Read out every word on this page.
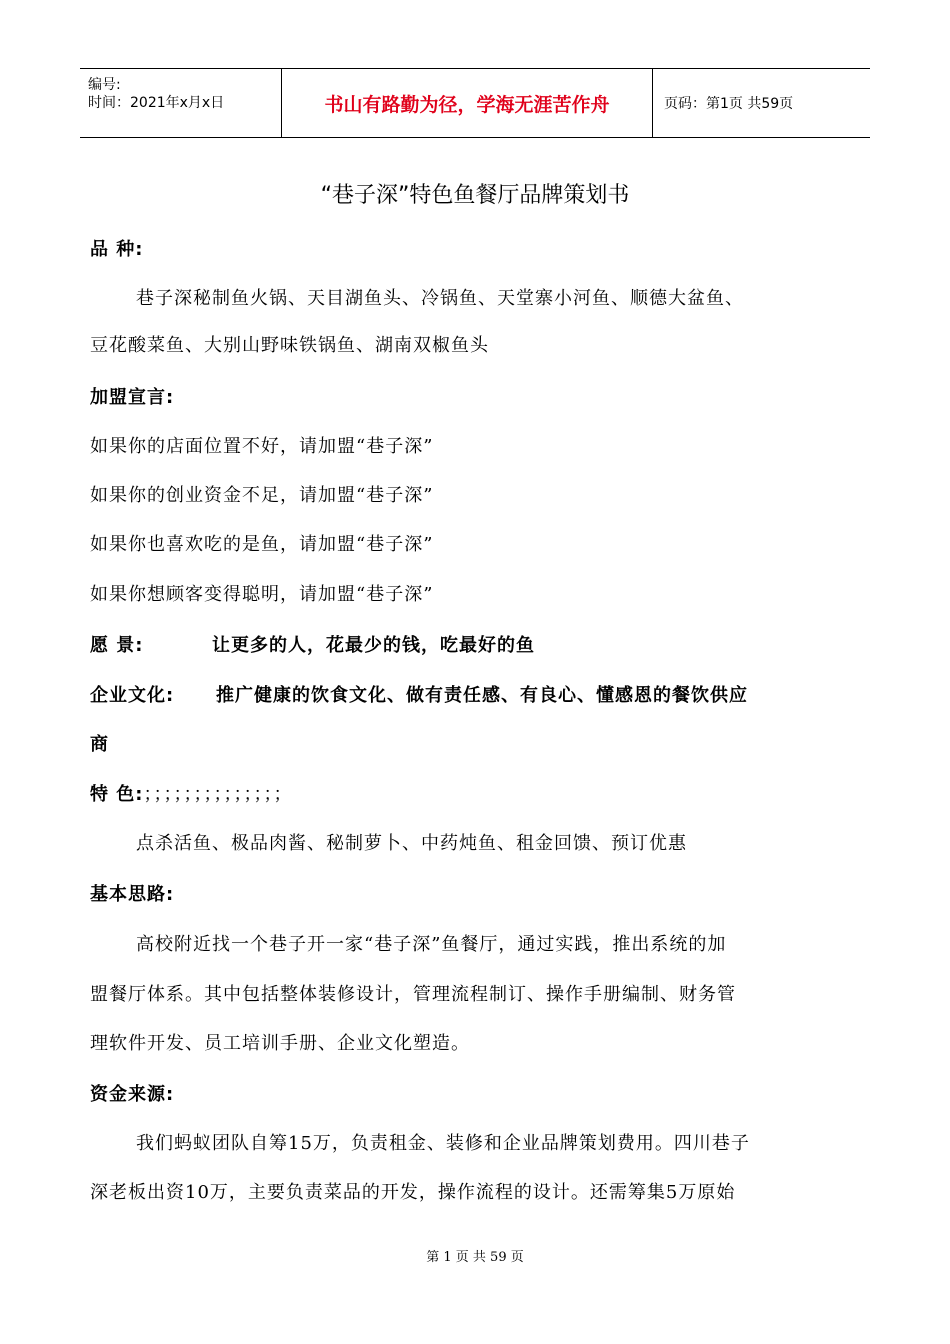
编号:
时间：2021年x月x日	书山有路勤为径，学海无涯苦作舟	页码：第1页 共59页
“巷子深”特色鱼餐厅品牌策划书
品 种:
巷子深秘制鱼火锅、天目湖鱼头、冷锅鱼、天堂寨小河鱼、顺德大盆鱼、
豆花酸菜鱼、大别山野味铁锅鱼、湖南双椒鱼头
加盟宣言:
如果你的店面位置不好，请加盟“巷子深”
如果你的创业资金不足，请加盟“巷子深”
如果你也喜欢吃的是鱼，请加盟“巷子深”
如果你想顾客变得聪明，请加盟“巷子深”
愿 景:	让更多的人，花最少的钱，吃最好的鱼
企业文化: 推广健康的饮食文化、做有责任感、有良心、懂感恩的餐饮供应
商
特 色:；；；；；；；；；；；；；；
点杀活鱼、极品肉酱、秘制萝卜、中药炖鱼、租金回馈、预订优惠
基本思路:
高校附近找一个巷子开一家“巷子深”鱼餐厅，通过实践，推出系统的加
盟餐厅体系。其中包括整体装修设计，管理流程制订、操作手册编制、财务管
理软件开发、员工培训手册、企业文化塑造。
资金来源:
我们蚂蚁团队自筹15万，负责租金、装修和企业品牌策划费用。四川巷子
深老板出资10万，主要负责菜品的开发，操作流程的设计。还需筹集5万原始
第 1 页 共 59 页
